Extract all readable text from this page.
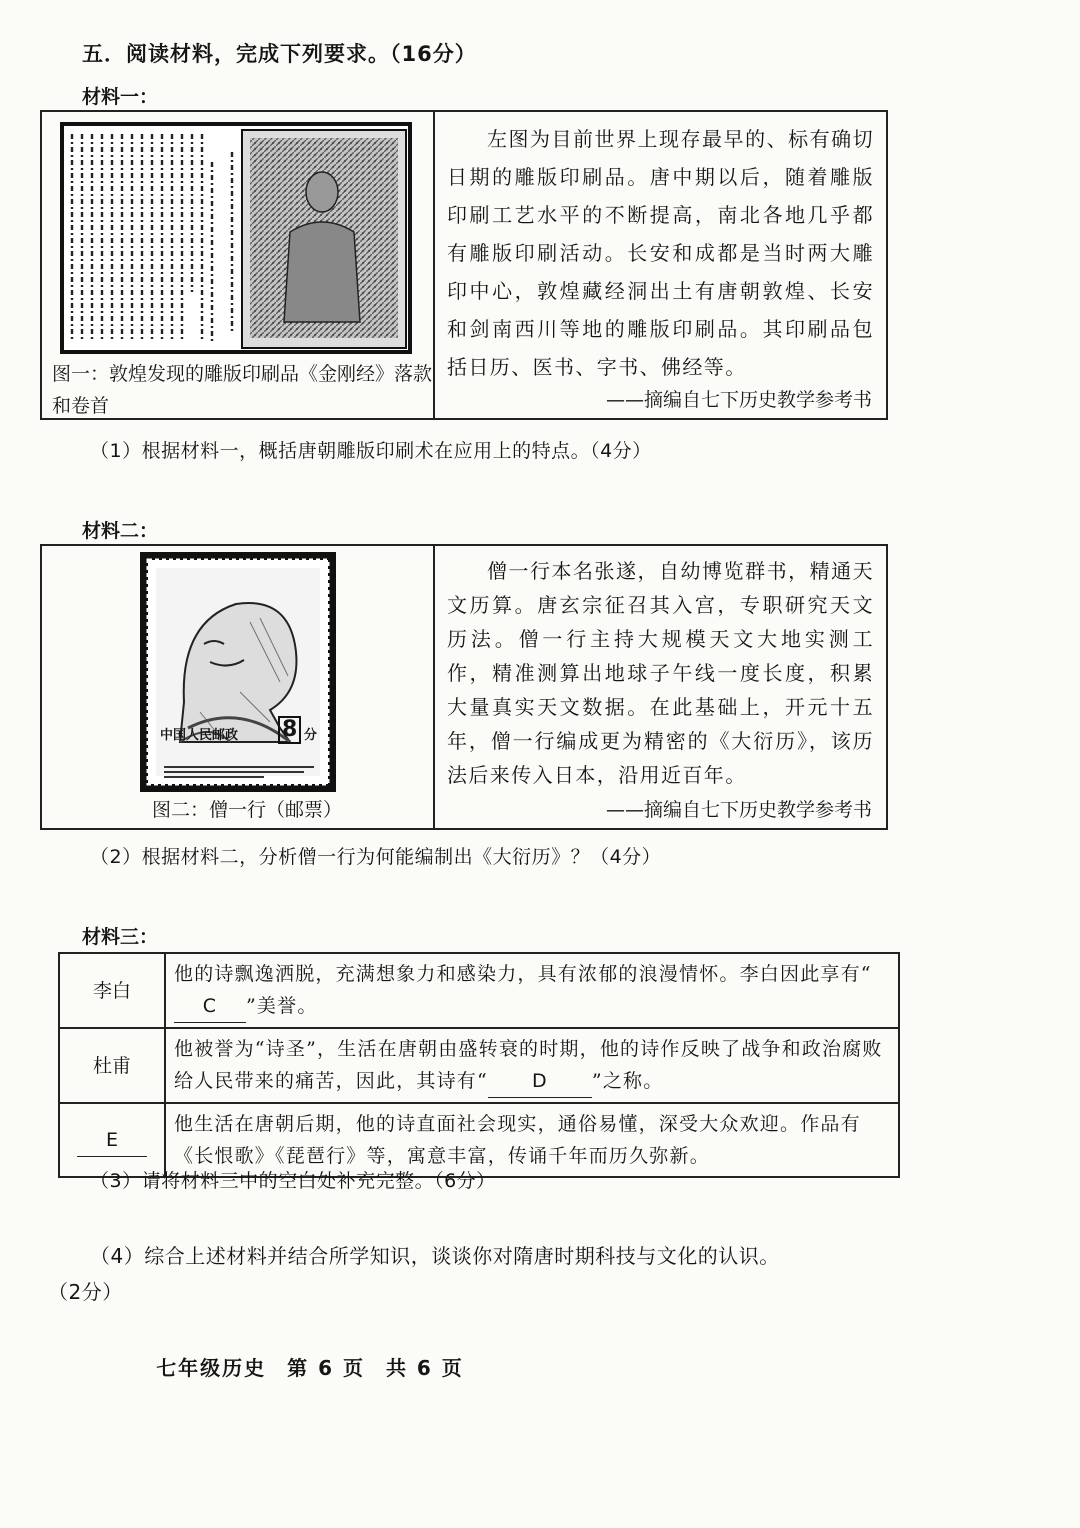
五．阅读材料，完成下列要求。（16分）
材料一：
图一：敦煌发现的雕版印刷品《金刚经》落款和卷首
左图为目前世界上现存最早的、标有确切日期的雕版印刷品。唐中期以后，随着雕版印刷工艺水平的不断提高，南北各地几乎都有雕版印刷活动。长安和成都是当时两大雕印中心，敦煌藏经洞出土有唐朝敦煌、长安和剑南西川等地的雕版印刷品。其印刷品包括日历、医书、字书、佛经等。
——摘编自七下历史教学参考书
（1）根据材料一，概括唐朝雕版印刷术在应用上的特点。（4分）
材料二：
中国人民邮政 8 分
图二：僧一行（邮票）
僧一行本名张遂，自幼博览群书，精通天文历算。唐玄宗征召其入宫，专职研究天文历法。僧一行主持大规模天文大地实测工作，精准测算出地球子午线一度长度，积累大量真实天文数据。在此基础上，开元十五年，僧一行编成更为精密的《大衍历》，该历法后来传入日本，沿用近百年。
——摘编自七下历史教学参考书
（2）根据材料二，分析僧一行为何能编制出《大衍历》？（4分）
材料三：
李白	他的诗飘逸洒脱，充满想象力和感染力，具有浓郁的浪漫情怀。李白因此享有“C ”美誉。
杜甫	他被誉为“诗圣”，生活在唐朝由盛转衰的时期，他的诗作反映了战争和政治腐败给人民带来的痛苦，因此，其诗有“ D ”之称。
E	他生活在唐朝后期，他的诗直面社会现实，通俗易懂，深受大众欢迎。作品有《长恨歌》《琵琶行》等，寓意丰富，传诵千年而历久弥新。
（3）请将材料三中的空白处补充完整。（6分）
（4）综合上述材料并结合所学知识，谈谈你对隋唐时期科技与文化的认识。
（2分）
七年级历史 第 6 页 共 6 页
